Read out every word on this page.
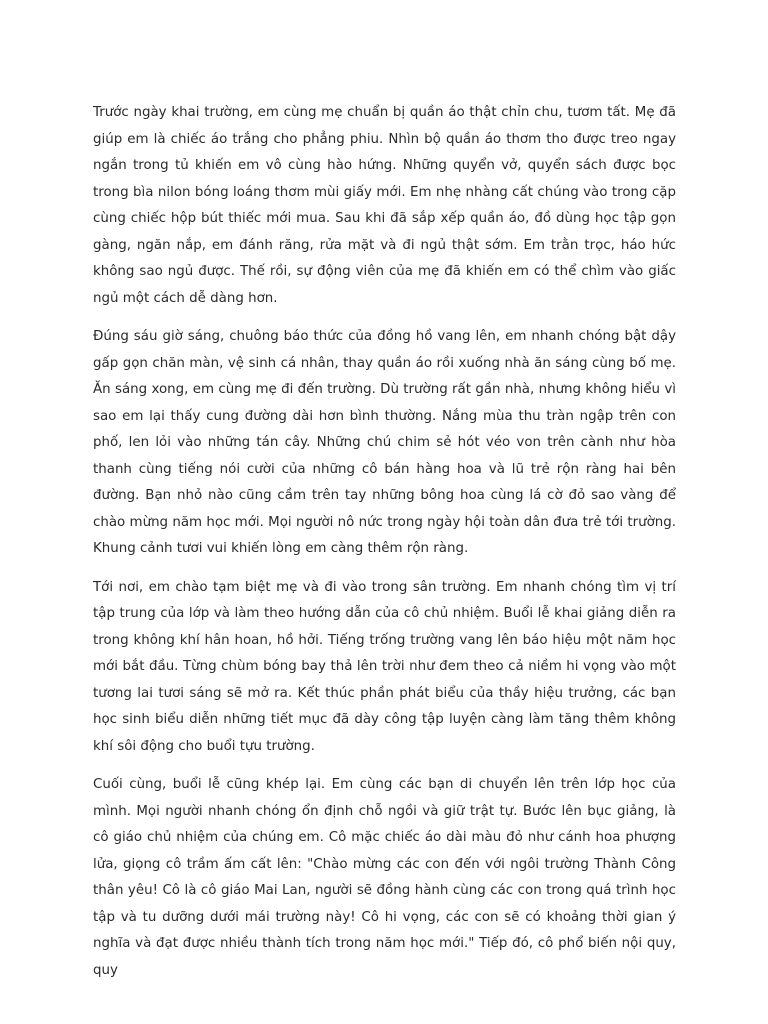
Trước ngày khai trường, em cùng mẹ chuẩn bị quần áo thật chỉn chu, tươm tất. Mẹ đã giúp em là chiếc áo trắng cho phẳng phiu. Nhìn bộ quần áo thơm tho được treo ngay ngắn trong tủ khiến em vô cùng hào hứng. Những quyển vở, quyển sách được bọc trong bìa nilon bóng loáng thơm mùi giấy mới. Em nhẹ nhàng cất chúng vào trong cặp cùng chiếc hộp bút thiếc mới mua. Sau khi đã sắp xếp quần áo, đồ dùng học tập gọn gàng, ngăn nắp, em đánh răng, rửa mặt và đi ngủ thật sớm. Em trằn trọc, háo hức không sao ngủ được. Thế rồi, sự động viên của mẹ đã khiến em có thể chìm vào giấc ngủ một cách dễ dàng hơn.

Đúng sáu giờ sáng, chuông báo thức của đồng hồ vang lên, em nhanh chóng bật dậy gấp gọn chăn màn, vệ sinh cá nhân, thay quần áo rồi xuống nhà ăn sáng cùng bố mẹ. Ăn sáng xong, em cùng mẹ đi đến trường. Dù trường rất gần nhà, nhưng không hiểu vì sao em lại thấy cung đường dài hơn bình thường. Nắng mùa thu tràn ngập trên con phố, len lỏi vào những tán cây. Những chú chim sẻ hót véo von trên cành như hòa thanh cùng tiếng nói cười của những cô bán hàng hoa và lũ trẻ rộn ràng hai bên đường. Bạn nhỏ nào cũng cầm trên tay những bông hoa cùng lá cờ đỏ sao vàng để chào mừng năm học mới. Mọi người nô nức trong ngày hội toàn dân đưa trẻ tới trường. Khung cảnh tươi vui khiến lòng em càng thêm rộn ràng.

Tới nơi, em chào tạm biệt mẹ và đi vào trong sân trường. Em nhanh chóng tìm vị trí tập trung của lớp và làm theo hướng dẫn của cô chủ nhiệm. Buổi lễ khai giảng diễn ra trong không khí hân hoan, hồ hởi. Tiếng trống trường vang lên báo hiệu một năm học mới bắt đầu. Từng chùm bóng bay thả lên trời như đem theo cả niềm hi vọng vào một tương lai tươi sáng sẽ mở ra. Kết thúc phần phát biểu của thầy hiệu trưởng, các bạn học sinh biểu diễn những tiết mục đã dày công tập luyện càng làm tăng thêm không khí sôi động cho buổi tựu trường.

Cuối cùng, buổi lễ cũng khép lại. Em cùng các bạn di chuyển lên trên lớp học của mình. Mọi người nhanh chóng ổn định chỗ ngồi và giữ trật tự. Bước lên bục giảng, là cô giáo chủ nhiệm của chúng em. Cô mặc chiếc áo dài màu đỏ như cánh hoa phượng lửa, giọng cô trầm ấm cất lên: "Chào mừng các con đến với ngôi trường Thành Công thân yêu! Cô là cô giáo Mai Lan, người sẽ đồng hành cùng các con trong quá trình học tập và tu dưỡng dưới mái trường này! Cô hi vọng, các con sẽ có khoảng thời gian ý nghĩa và đạt được nhiều thành tích trong năm học mới." Tiếp đó, cô phổ biến nội quy, quy
